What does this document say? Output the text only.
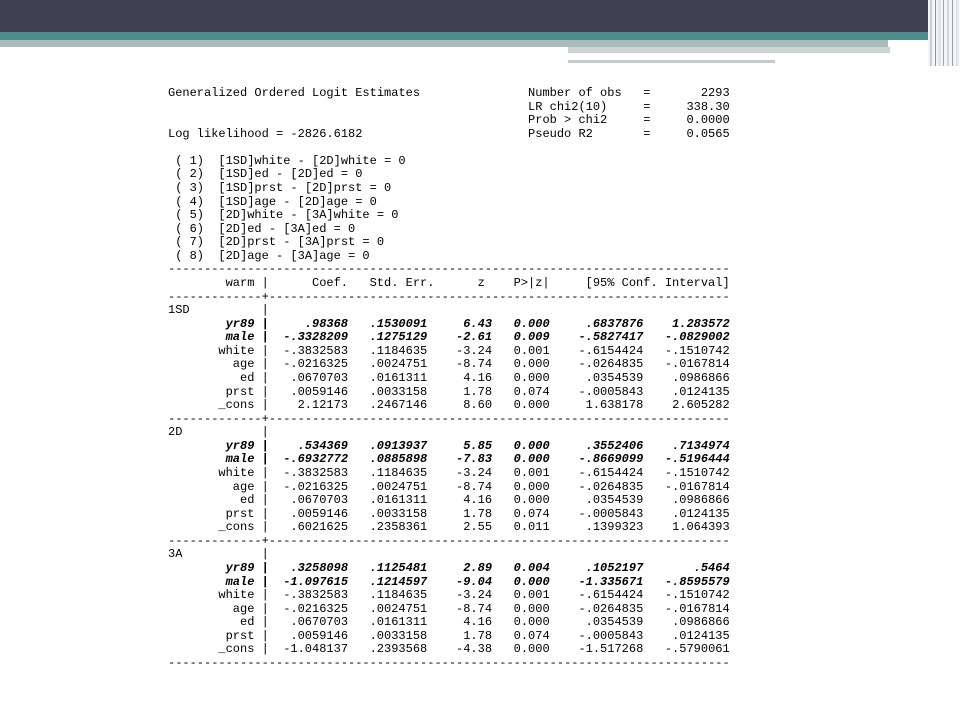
Generalized Ordered Logit Estimates	Number of obs =	2293
LR chi2(10)	=	338.30
Prob > chi2	=	0.0000
Log likelihood = -2826.6182	Pseudo R2	=	0.0565
( 1) [1SD]white - [2D]white = 0
( 2) [1SD]ed - [2D]ed = 0
( 3) [1SD]prst - [2D]prst = 0
( 4) [1SD]age - [2D]age = 0
( 5) [2D]white - [3A]white = 0
( 6) [2D]ed - [3A]ed = 0
( 7) [2D]prst - [3A]prst = 0
( 8) [2D]age - [3A]age = 0
------------------------------------------------------------------------------
warm |	Coef.	Std. Err.	z	P>|z|	[95% Conf. Interval]
-------------+----------------------------------------------------------------
1SD	|
yr89 |	.98368	.1530091	6.43	0.000	.6837876	1.283572
male |	-.3328209	.1275129	-2.61	0.009	-.5827417	-.0829002
white |	-.3832583	.1184635	-3.24	0.001	-.6154424	-.1510742
age |	-.0216325	.0024751	-8.74	0.000	-.0264835	-.0167814
ed |	.0670703	.0161311	4.16	0.000	.0354539	.0986866
prst |	.0059146	.0033158	1.78	0.074	-.0005843	.0124135
_cons |	2.12173	.2467146	8.60	0.000	1.638178	2.605282
-------------+----------------------------------------------------------------
2D	|
yr89 |	.534369	.0913937	5.85	0.000	.3552406	.7134974
male |	-.6932772	.0885898	-7.83	0.000	-.8669099	-.5196444
white |	-.3832583	.1184635	-3.24	0.001	-.6154424	-.1510742
age |	-.0216325	.0024751	-8.74	0.000	-.0264835	-.0167814
ed |	.0670703	.0161311	4.16	0.000	.0354539	.0986866
prst |	.0059146	.0033158	1.78	0.074	-.0005843	.0124135
_cons |	.6021625	.2358361	2.55	0.011	.1399323	1.064393
-------------+----------------------------------------------------------------
3A	|
yr89 |	.3258098	.1125481	2.89	0.004	.1052197	.5464
male |	-1.097615	.1214597	-9.04	0.000	-1.335671	-.8595579
white |	-.3832583	.1184635	-3.24	0.001	-.6154424	-.1510742
age |	-.0216325	.0024751	-8.74	0.000	-.0264835	-.0167814
ed |	.0670703	.0161311	4.16	0.000	.0354539	.0986866
prst |	.0059146	.0033158	1.78	0.074	-.0005843	.0124135
_cons |	-1.048137	.2393568	-4.38	0.000	-1.517268	-.5790061
------------------------------------------------------------------------------
